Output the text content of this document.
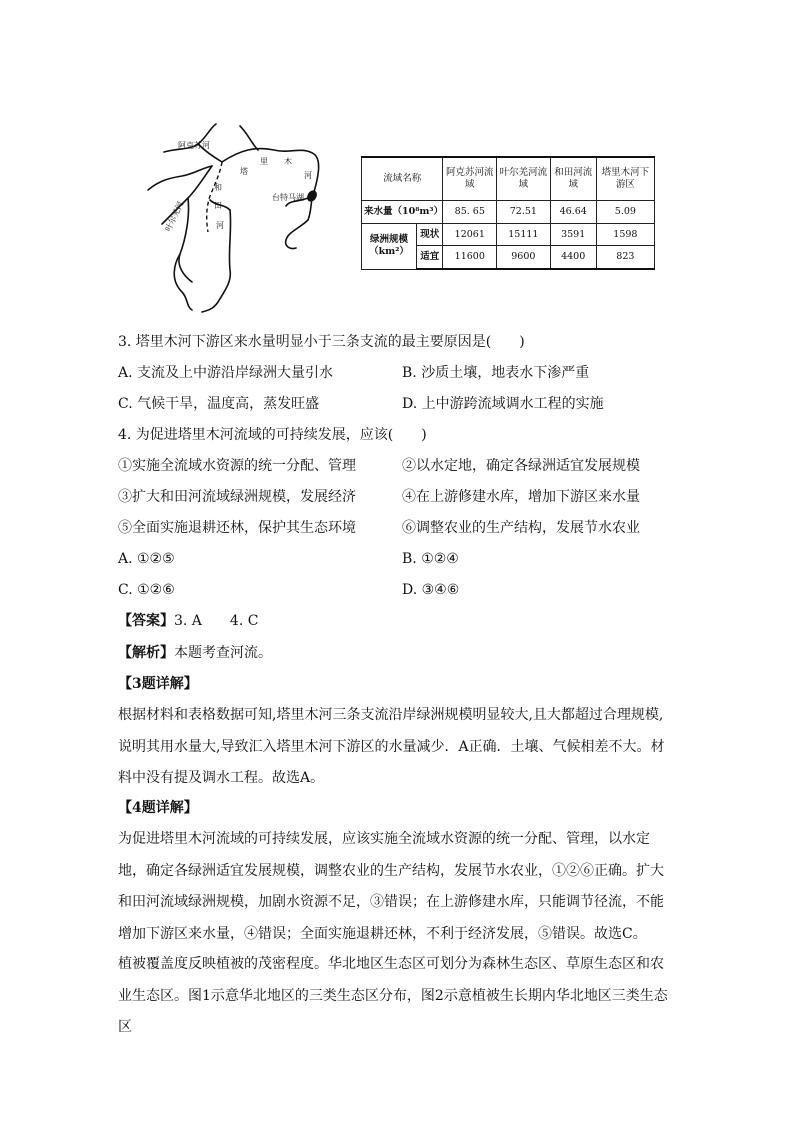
阿克苏河
塔
里 木
河
叶尔羌河
和
田
河
台特马湖
流域名称		阿克苏河流域	叶尔羌河流域	和田河流域	塔里木河下游区
来水量（10⁸m³）		85. 65	72.51	46.64	5.09
绿洲规模（km²）	现状	12061	15111	3591	1598
	适宜	11600	9600	4400	823
3. 塔里木河下游区来水量明显小于三条支流的最主要原因是(　　)
A. 支流及上中游沿岸绿洲大量引水	B. 沙质土壤，地表水下渗严重
C. 气候干旱，温度高，蒸发旺盛	D. 上中游跨流域调水工程的实施
4. 为促进塔里木河流域的可持续发展，应该(　　)
①实施全流域水资源的统一分配、管理	②以水定地，确定各绿洲适宜发展规模
③扩大和田河流域绿洲规模，发展经济	④在上游修建水库，增加下游区来水量
⑤全面实施退耕还林，保护其生态环境	⑥调整农业的生产结构，发展节水农业
A. ①②⑤	B. ①②④
C. ①②⑥	D. ③④⑥
【答案】3. A　　4. C
【解析】本题考查河流。
【3题详解】
根据材料和表格数据可知,塔里木河三条支流沿岸绿洲规模明显较大,且大都超过合理规模,说明其用水量大,导致汇入塔里木河下游区的水量减少．A正确．土壤、气候相差不大。材料中没有提及调水工程。故选A。
【4题详解】
为促进塔里木河流域的可持续发展，应该实施全流域水资源的统一分配、管理，以水定地，确定各绿洲适宜发展规模，调整农业的生产结构，发展节水农业，①②⑥正确。扩大和田河流域绿洲规模，加剧水资源不足，③错误；在上游修建水库，只能调节径流，不能增加下游区来水量，④错误；全面实施退耕还林，不利于经济发展，⑤错误。故选C。
植被覆盖度反映植被的茂密程度。华北地区生态区可划分为森林生态区、草原生态区和农业生态区。图1示意华北地区的三类生态区分布，图2示意植被生长期内华北地区三类生态区
